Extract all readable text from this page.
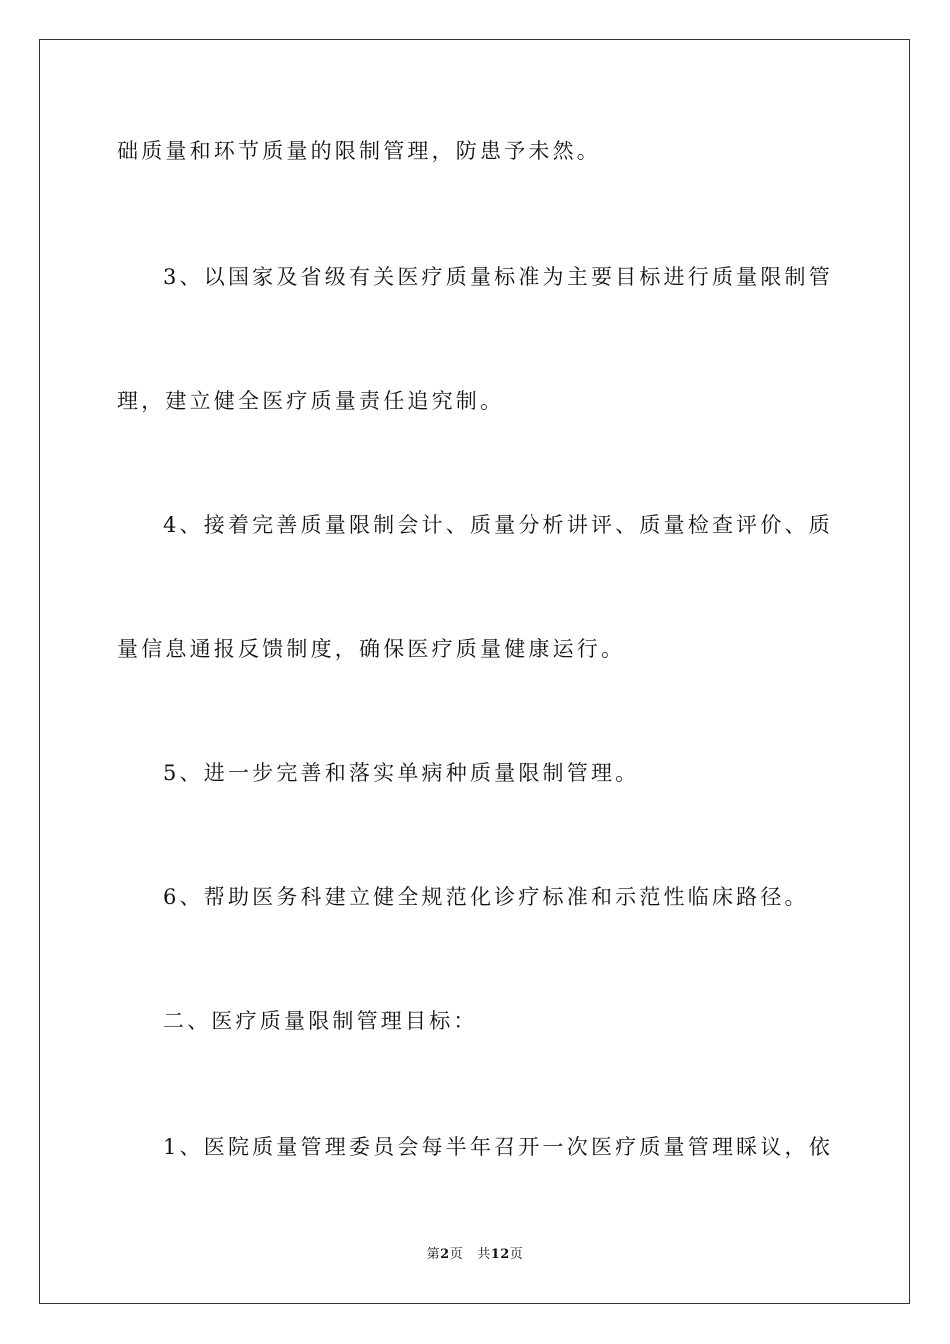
础质量和环节质量的限制管理，防患予未然。
3、以国家及省级有关医疗质量标准为主要目标进行质量限制管
理，建立健全医疗质量责任追究制。
4、接着完善质量限制会计、质量分析讲评、质量检查评价、质
量信息通报反馈制度，确保医疗质量健康运行。
5、进一步完善和落实单病种质量限制管理。
6、帮助医务科建立健全规范化诊疗标准和示范性临床路径。
二、医疗质量限制管理目标：
1、医院质量管理委员会每半年召开一次医疗质量管理睬议，依
第2页 共12页
